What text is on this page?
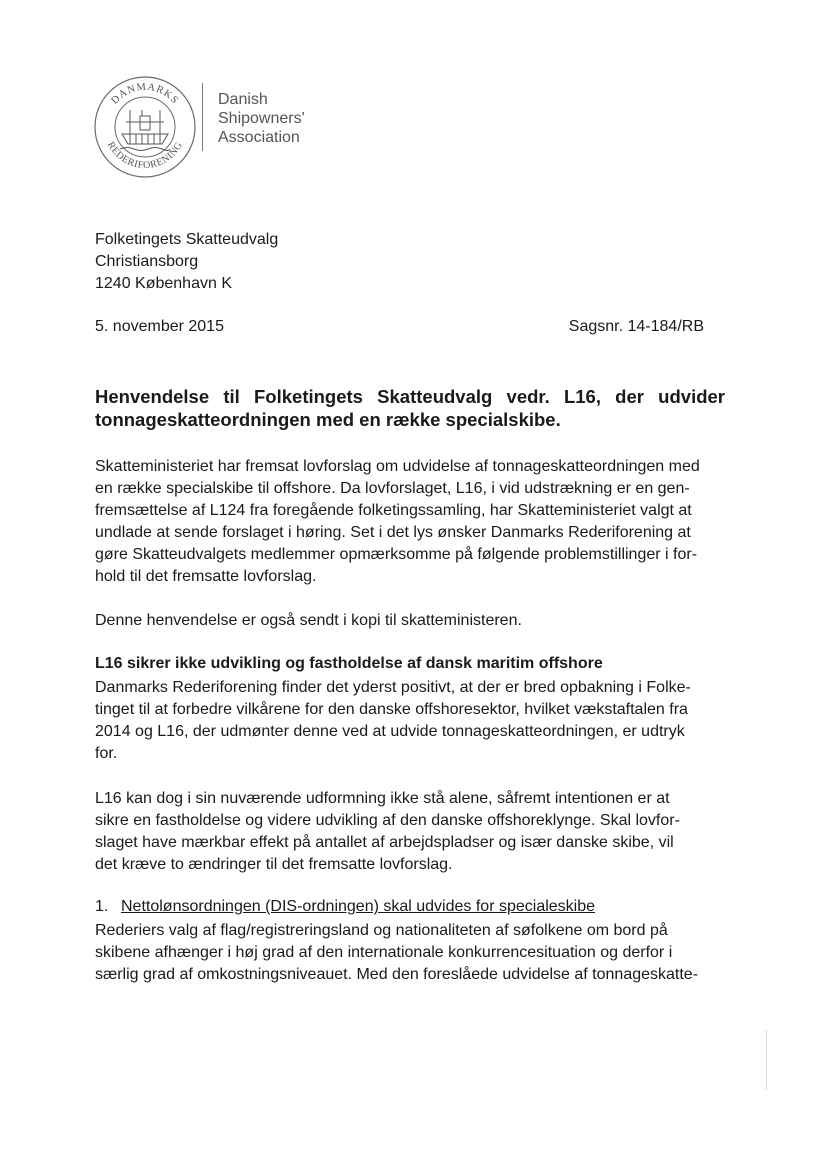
DANMARKS
REDERIFORENING
Danish
Shipowners'
Association
Folketingets Skatteudvalg
Christiansborg
1240 København K
5. november 2015	Sagsnr. 14-184/RB
Henvendelse til Folketingets Skatteudvalg vedr. L16, der udvider
tonnageskatteordningen med en række specialskibe.
Skatteministeriet har fremsat lovforslag om udvidelse af tonnageskatteordningen med
en række specialskibe til offshore. Da lovforslaget, L16, i vid udstrækning er en gen-
fremsættelse af L124 fra foregående folketingssamling, har Skatteministeriet valgt at
undlade at sende forslaget i høring. Set i det lys ønsker Danmarks Rederiforening at
gøre Skatteudvalgets medlemmer opmærksomme på følgende problemstillinger i for-
hold til det fremsatte lovforslag.
Denne henvendelse er også sendt i kopi til skatteministeren.
L16 sikrer ikke udvikling og fastholdelse af dansk maritim offshore
Danmarks Rederiforening finder det yderst positivt, at der er bred opbakning i Folke-
tinget til at forbedre vilkårene for den danske offshoresektor, hvilket vækstaftalen fra
2014 og L16, der udmønter denne ved at udvide tonnageskatteordningen, er udtryk
for.
L16 kan dog i sin nuværende udformning ikke stå alene, såfremt intentionen er at
sikre en fastholdelse og videre udvikling af den danske offshoreklynge. Skal lovfor-
slaget have mærkbar effekt på antallet af arbejdspladser og især danske skibe, vil
det kræve to ændringer til det fremsatte lovforslag.
1. Nettolønsordningen (DIS-ordningen) skal udvides for specialeskibe
Rederiers valg af flag/registreringsland og nationaliteten af søfolkene om bord på
skibene afhænger i høj grad af den internationale konkurrencesituation og derfor i
særlig grad af omkostningsniveauet. Med den foreslåede udvidelse af tonnageskatte-
